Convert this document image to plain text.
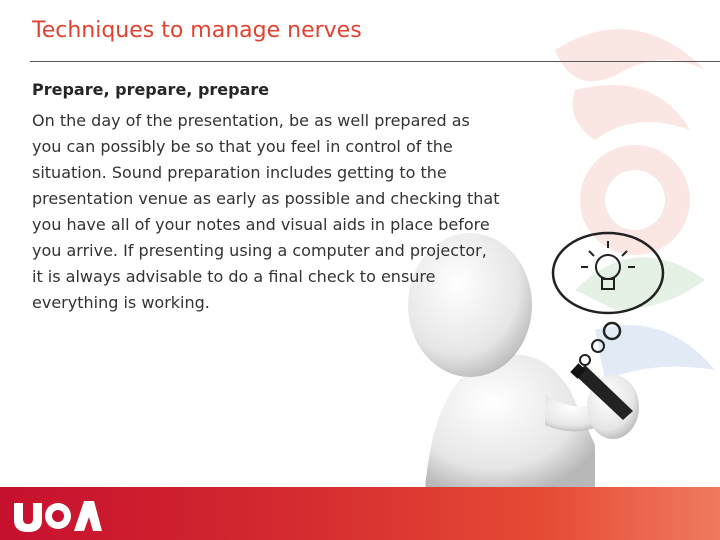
Techniques to manage nerves
Prepare, prepare, prepare
On the day of the presentation, be as well prepared as you can possibly be so that you feel in control of the situation. Sound preparation includes getting to the presentation venue as early as possible and checking that you have all of your notes and visual aids in place before you arrive. If presenting using a computer and projector, it is always advisable to do a final check to ensure everything is working.
